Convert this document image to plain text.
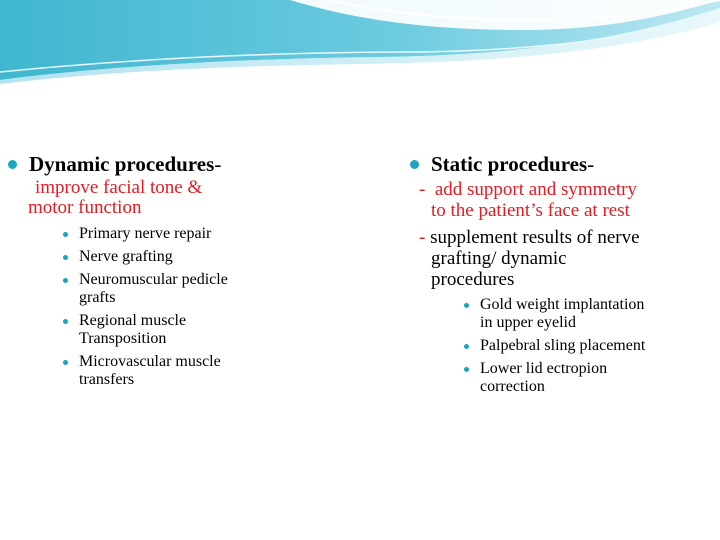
Dynamic procedures -
improve facial tone &
motor function
Primary nerve repair
Nerve grafting
Neuromuscular pedicle
grafts
Regional muscle
Transposition
Microvascular muscle
transfers
Static procedures -
- add support and symmetry
to the patient’s face at rest
- supplement results of nerve
grafting/ dynamic
procedures
Gold weight implantation
in upper eyelid
Palpebral sling placement
Lower lid ectropion
correction
